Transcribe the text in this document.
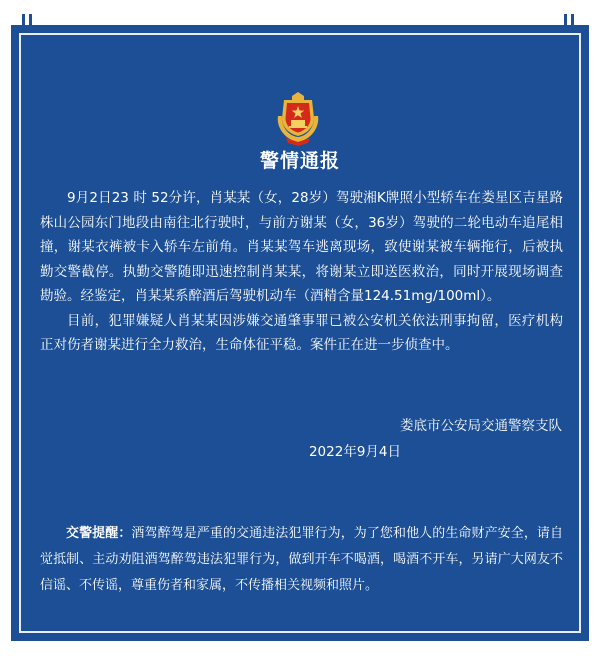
警情通报

9月2日23 时 52分许，肖某某（女，28岁）驾驶湘K牌照小型轿车在娄星区吉星路株山公园东门地段由南往北行驶时，与前方谢某（女，36岁）驾驶的二轮电动车追尾相撞，谢某衣裤被卡入轿车左前角。肖某某驾车逃离现场，致使谢某被车辆拖行，后被执勤交警截停。执勤交警随即迅速控制肖某某，将谢某立即送医救治，同时开展现场调查勘验。经鉴定，肖某某系醉酒后驾驶机动车（酒精含量124.51mg/100ml）。

目前，犯罪嫌疑人肖某某因涉嫌交通肇事罪已被公安机关依法刑事拘留，医疗机构正对伤者谢某进行全力救治，生命体征平稳。案件正在进一步侦查中。

娄底市公安局交通警察支队
2022年9月4日
交警提醒：酒驾醉驾是严重的交通违法犯罪行为，为了您和他人的生命财产安全，请自觉抵制、主动劝阻酒驾醉驾违法犯罪行为，做到开车不喝酒，喝酒不开车，另请广大网友不信谣、不传谣，尊重伤者和家属，不传播相关视频和照片。
